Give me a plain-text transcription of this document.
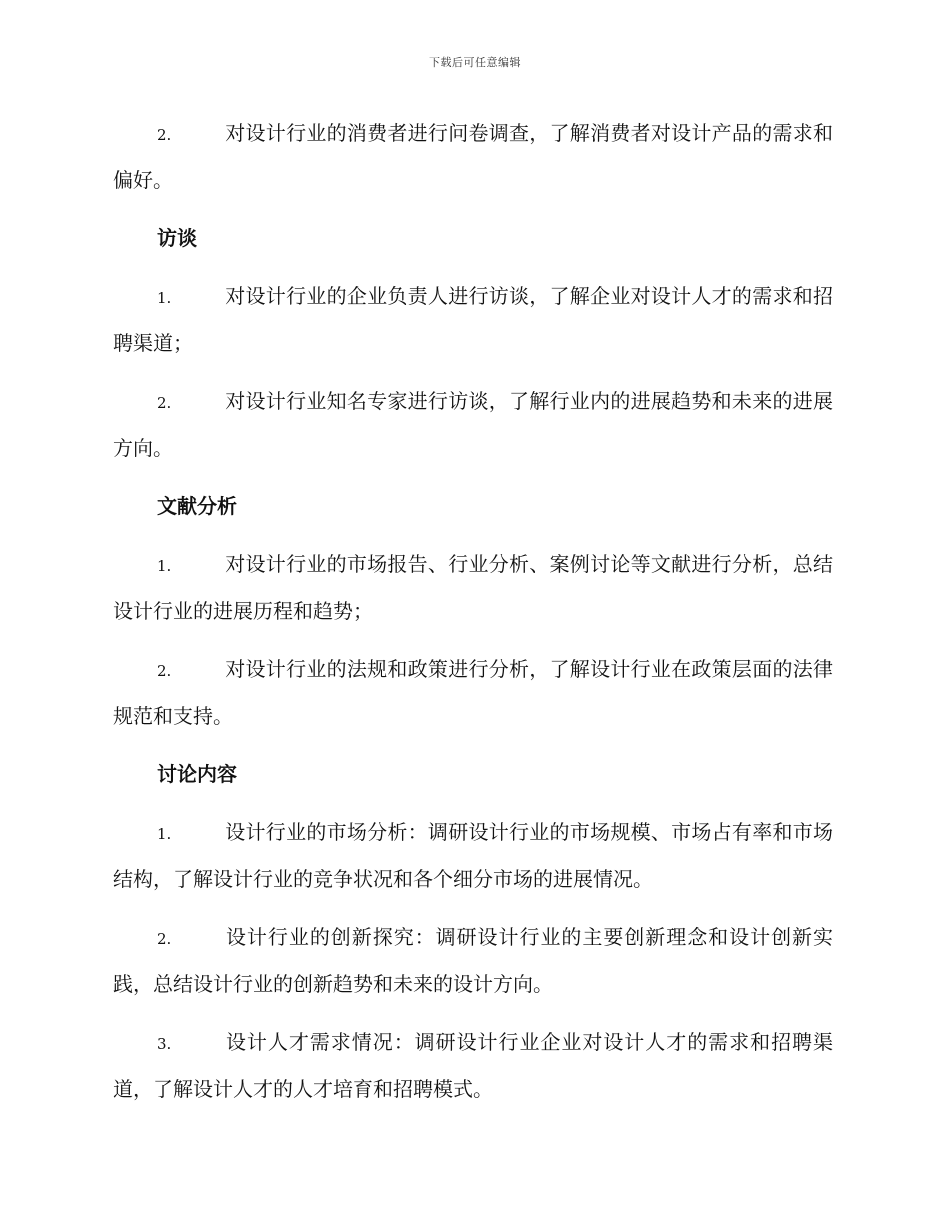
下载后可任意编辑

2.	对设计行业的消费者进行问卷调查，了解消费者对设计产品的需求和偏好。

访谈

1.	对设计行业的企业负责人进行访谈，了解企业对设计人才的需求和招聘渠道；

2.	对设计行业知名专家进行访谈，了解行业内的进展趋势和未来的进展方向。

文献分析

1.	对设计行业的市场报告、行业分析、案例讨论等文献进行分析，总结设计行业的进展历程和趋势；

2.	对设计行业的法规和政策进行分析，了解设计行业在政策层面的法律规范和支持。

讨论内容

1.	设计行业的市场分析：调研设计行业的市场规模、市场占有率和市场结构，了解设计行业的竞争状况和各个细分市场的进展情况。

2.	设计行业的创新探究：调研设计行业的主要创新理念和设计创新实践，总结设计行业的创新趋势和未来的设计方向。

3.	设计人才需求情况：调研设计行业企业对设计人才的需求和招聘渠道，了解设计人才的人才培育和招聘模式。
